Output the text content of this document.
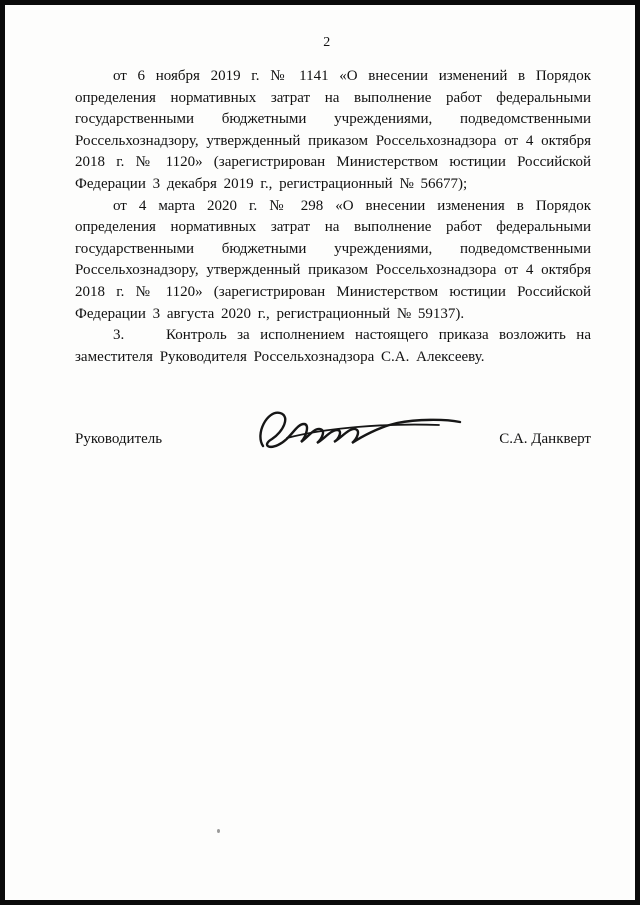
2

от 6 ноября 2019 г. № 1141 «О внесении изменений в Порядок определения нормативных затрат на выполнение работ федеральными государственными бюджетными учреждениями, подведомственными Россельхознадзору, утвержденный приказом Россельхознадзора от 4 октября 2018 г. № 1120» (зарегистрирован Министерством юстиции Российской Федерации 3 декабря 2019 г., регистрационный № 56677);

от 4 марта 2020 г. № 298 «О внесении изменения в Порядок определения нормативных затрат на выполнение работ федеральными государственными бюджетными учреждениями, подведомственными Россельхознадзору, утвержденный приказом Россельхознадзора от 4 октября 2018 г. № 1120» (зарегистрирован Министерством юстиции Российской Федерации 3 августа 2020 г., регистрационный № 59137).

3.    Контроль за исполнением настоящего приказа возложить на заместителя Руководителя Россельхознадзора С.А. Алексееву.

Руководитель	С.А. Данкверт
